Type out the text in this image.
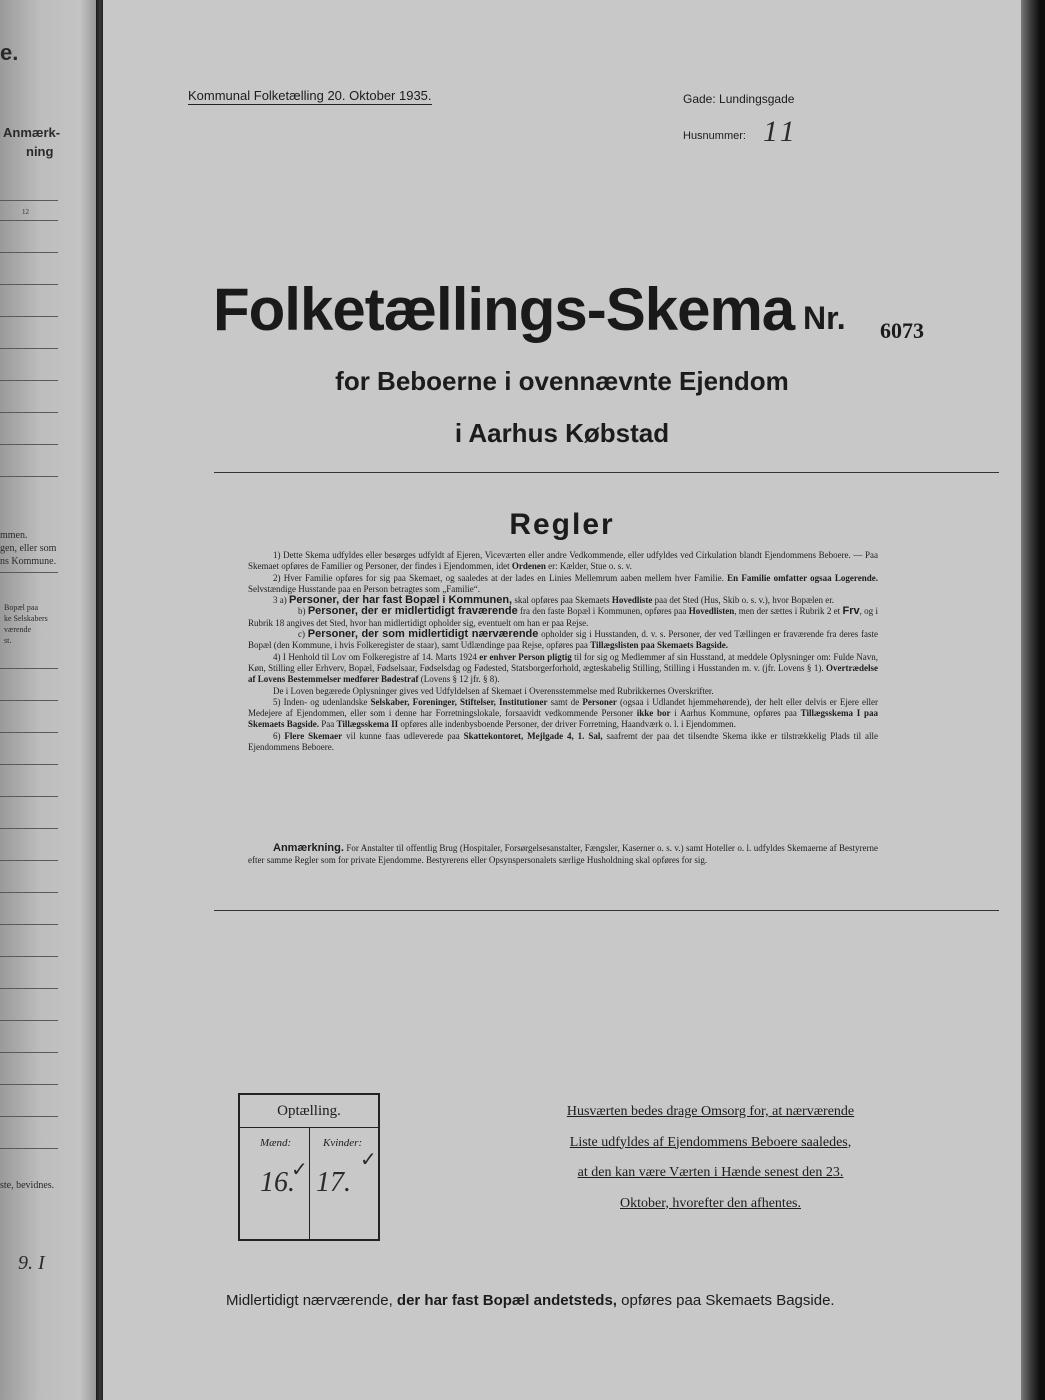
e.
Anmærk-
ning
12
mmen.
gen, eller som
ns Kommune.
Bopæl paa
ke Selskabers
værende
st.
ste, bevidnes.
9. I
Kommunal Folketælling 20. Oktober 1935.	Gade: Lundingsgade
Husnummer: 11
Folketællings-Skema Nr. 6073
for Beboerne i ovennævnte Ejendom
i Aarhus Købstad
Regler

1) Dette Skema udfyldes eller besørges udfyldt af Ejeren, Viceværten eller andre Vedkommende, eller udfyldes ved Cirkulation blandt Ejendommens Beboere. — Paa Skemaet opføres de Familier og Personer, der findes i Ejendommen, idet Ordenen er: Kælder, Stue o. s. v.

2) Hver Familie opføres for sig paa Skemaet, og saaledes at der lades en Linies Mellemrum aaben mellem hver Familie. En Familie omfatter ogsaa Logerende. Selvstændige Husstande paa en Person betragtes som „Familie“.

3 a) Personer, der har fast Bopæl i Kommunen, skal opføres paa Skemaets Hovedliste paa det Sted (Hus, Skib o. s. v.), hvor Bopælen er.

b) Personer, der er midlertidigt fraværende fra den faste Bopæl i Kommunen, opføres paa Hovedlisten, men der sættes i Rubrik 2 et Frv, og i Rubrik 18 angives det Sted, hvor han midlertidigt opholder sig, eventuelt om han er paa Rejse.

c) Personer, der som midlertidigt nærværende opholder sig i Husstanden, d. v. s. Personer, der ved Tællingen er fraværende fra deres faste Bopæl (den Kommune, i hvis Folkeregister de staar), samt Udlændinge paa Rejse, opføres paa Tillægslisten paa Skemaets Bagside.

4) I Henhold til Lov om Folkeregistre af 14. Marts 1924 er enhver Person pligtig til for sig og Medlemmer af sin Husstand, at meddele Oplysninger om: Fulde Navn, Køn, Stilling eller Erhverv, Bopæl, Fødselsaar, Fødselsdag og Fødested, Statsborgerforhold, ægteskabelig Stilling, Stilling i Husstanden m. v. (jfr. Lovens § 1). Overtrædelse af Lovens Bestemmelser medfører Bødestraf (Lovens § 12 jfr. § 8).

De i Loven begærede Oplysninger gives ved Udfyldelsen af Skemaet i Overensstemmelse med Rubrikkernes Overskrifter.

5) Inden- og udenlandske Selskaber, Foreninger, Stiftelser, Institutioner samt de Personer (ogsaa i Udlandet hjemmehørende), der helt eller delvis er Ejere eller Medejere af Ejendommen, eller som i denne har Forretningslokale, forsaavidt vedkommende Personer ikke bor i Aarhus Kommune, opføres paa Tillægsskema I paa Skemaets Bagside. Paa Tillægsskema II opføres alle indenbysboende Personer, der driver Forretning, Haandværk o. l. i Ejendommen.

6) Flere Skemaer vil kunne faas udleverede paa Skattekontoret, Mejlgade 4, 1. Sal, saafremt der paa det tilsendte Skema ikke er tilstrækkelig Plads til alle Ejendommens Beboere.

Anmærkning. For Anstalter til offentlig Brug (Hospitaler, Forsørgelsesanstalter, Fængsler, Kaserner o. s. v.) samt Hoteller o. l. udfyldes Skemaerne af Bestyrerne efter samme Regler som for private Ejendomme. Bestyrerens eller Opsynspersonalets særlige Husholdning skal opføres for sig.
Optælling.
Mænd:	Kvinder:
16. 17.
✓	✓
Husværten bedes drage Omsorg for, at nærværende
Liste udfyldes af Ejendommens Beboere saaledes,
at den kan være Værten i Hænde senest den 23.
Oktober, hvorefter den afhentes.
Midlertidigt nærværende, der har fast Bopæl andetsteds, opføres paa Skemaets Bagside.
